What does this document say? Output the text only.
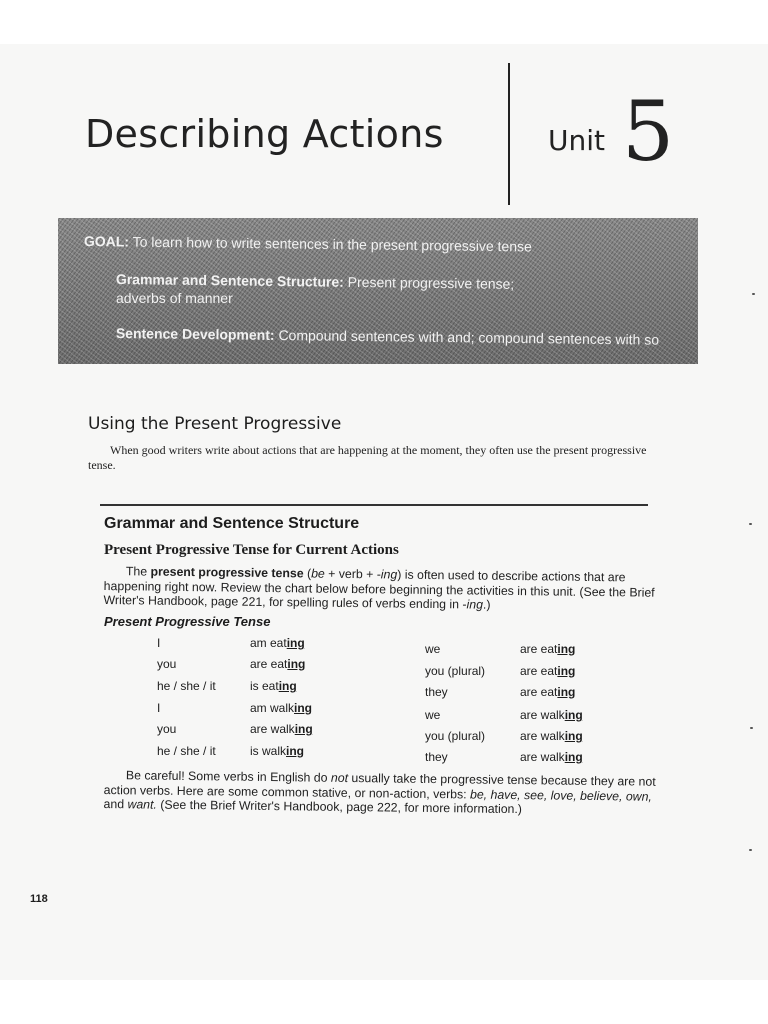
Describing Actions	Unit 5
GOAL: To learn how to write sentences in the present progressive tense
Grammar and Sentence Structure: Present progressive tense;
adverbs of manner
Sentence Development: Compound sentences with and; compound sentences with so
Using the Present Progressive

When good writers write about actions that are happening at the moment, they often use the present progressive tense.

Grammar and Sentence Structure
Present Progressive Tense for Current Actions

The present progressive tense (be + verb + -ing) is often used to describe actions that are happening right now. Review the chart below before beginning the activities in this unit. (See the Brief Writer's Handbook, page 221, for spelling rules of verbs ending in -ing.)

Present Progressive Tense
I	am eating	we	are eating
you	are eating	you (plural)	are eating
he / she / it	is eating	they	are eating
I	am walking	we	are walking
you	are walking	you (plural)	are walking
he / she / it	is walking	they	are walking

Be careful! Some verbs in English do not usually take the progressive tense because they are not action verbs. Here are some common stative, or non-action, verbs: be, have, see, love, believe, own, and want. (See the Brief Writer's Handbook, page 222, for more information.)

118
